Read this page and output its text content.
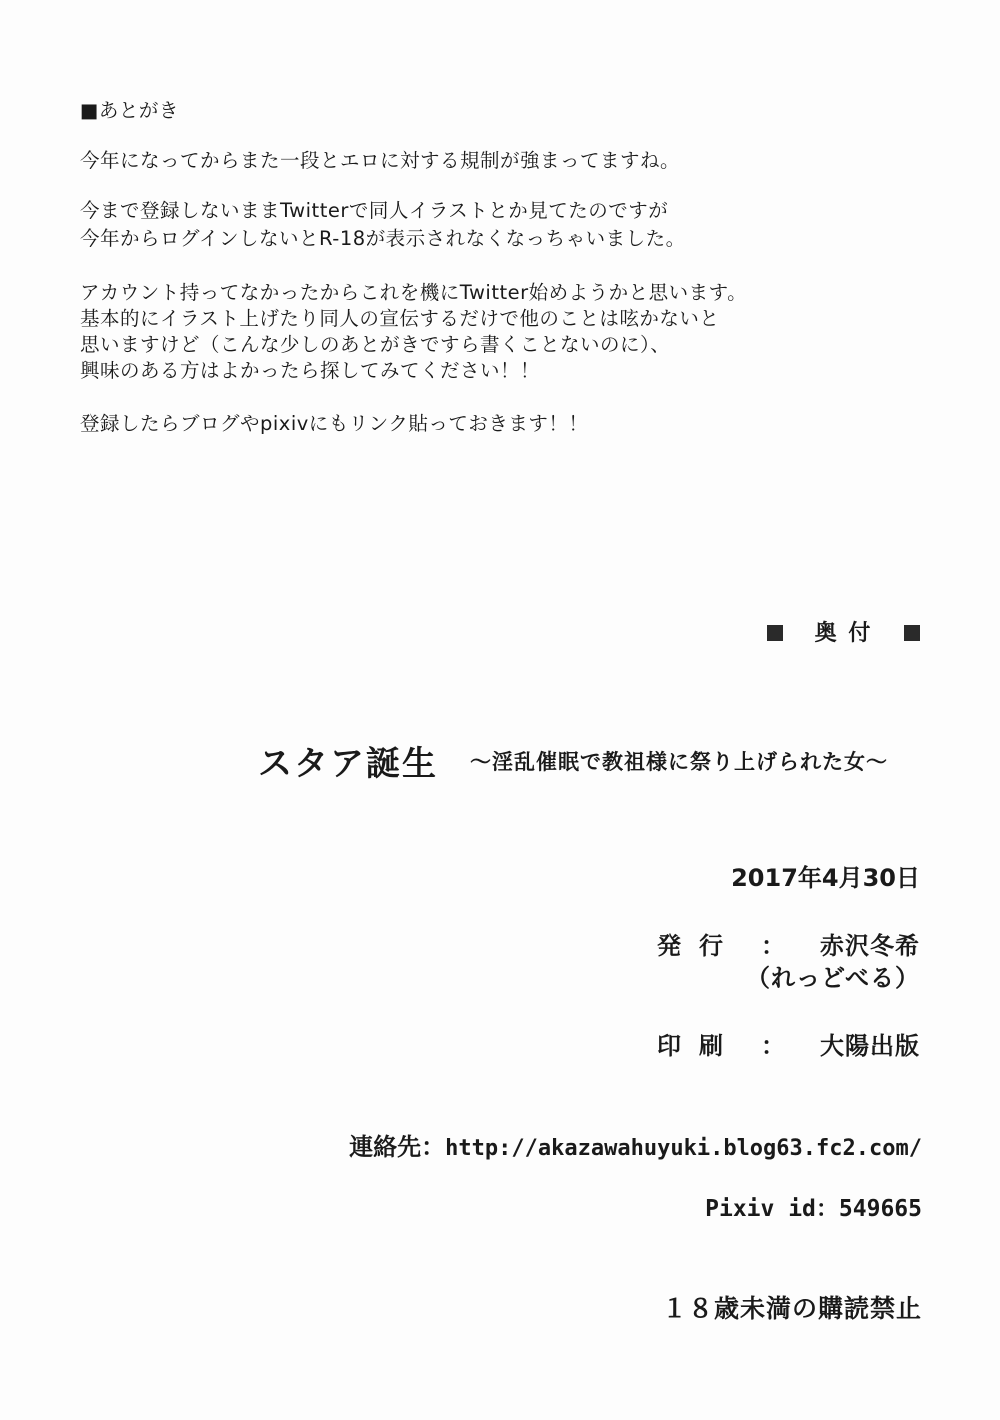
■あとがき

今年になってからまた一段とエロに対する規制が強まってますね。

今まで登録しないままTwitterで同人イラストとか見てたのですが

今年からログインしないとR-18が表示されなくなっちゃいました。

アカウント持ってなかったからこれを機にTwitter始めようかと思います。

基本的にイラスト上げたり同人の宣伝するだけで他のことは呟かないと

思いますけど（こんな少しのあとがきですら書くことないのに）、

興味のある方はよかったら探してみてください！！

登録したらブログやpixivにもリンク貼っておきます！！

奥 付

スタア誕生 ～淫乱催眠で教祖様に祭り上げられた女～

2017年4月30日

発行 ： 赤沢冬希

（れっどべる）

印刷 ： 大陽出版
連絡先：http://akazawahuyuki.blog63.fc2.com/

Pixiv id：549665

１８歳未満の購読禁止
